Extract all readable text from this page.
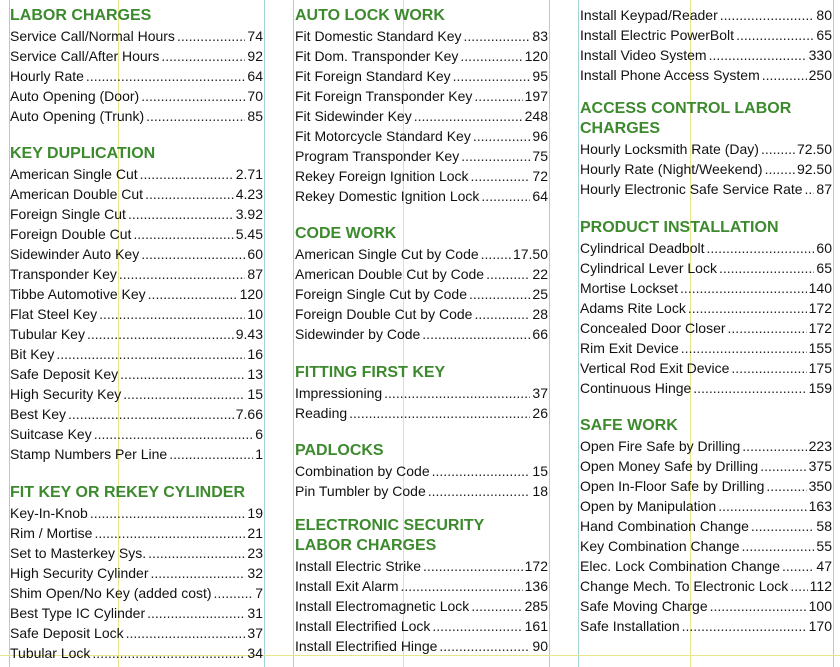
LABOR CHARGES
Service Call/Normal Hours .....	74
Service Call/After Hours .....	92
Hourly Rate .....	64
Auto Opening (Door) .....	70
Auto Opening (Trunk) .....	85
KEY DUPLICATION
American Single Cut .....	2.71
American Double Cut .....	4.23
Foreign Single Cut .....	3.92
Foreign Double Cut .....	5.45
Sidewinder Auto Key .....	60
Transponder Key .....	87
Tibbe Automotive Key .....	120
Flat Steel Key .....	10
Tubular Key .....	9.43
Bit Key .....	16
Safe Deposit Key .....	13
High Security Key .....	15
Best Key .....	7.66
Suitcase Key .....	6
Stamp Numbers Per Line .....	1
FIT KEY OR REKEY CYLINDER
Key-In-Knob .....	19
Rim / Mortise .....	21
Set to Masterkey Sys. .....	23
High Security Cylinder .....	32
Shim Open/No Key (added cost) .....	7
Best Type IC Cylinder .....	31
Safe Deposit Lock .....	37
Tubular Lock .....	34
AUTO LOCK WORK
Fit Domestic Standard Key .....	83
Fit Dom. Transponder Key .....	120
Fit Foreign Standard Key .....	95
Fit Foreign Transponder Key .....	197
Fit Sidewinder Key .....	248
Fit Motorcycle Standard Key .....	96
Program Transponder Key .....	75
Rekey Foreign Ignition Lock .....	72
Rekey Domestic Ignition Lock .....	64
CODE WORK
American Single Cut by Code ..... 17.50
American Double Cut by Code .....	22
Foreign Single Cut by Code .....	25
Foreign Double Cut by Code .....	28
Sidewinder by Code .....	66
FITTING FIRST KEY
Impressioning .....	37
Reading .....	26
PADLOCKS
Combination by Code .....	15
Pin Tumbler by Code .....	18
ELECTRONIC SECURITY
LABOR CHARGES
Install Electric Strike .....	172
Install Exit Alarm .....	136
Install Electromagnetic Lock .....	285
Install Electrified Lock .....	161
Install Electrified Hinge .....	90
Install Keypad/Reader .....	80
Install Electric PowerBolt .....	65
Install Video System .....	330
Install Phone Access System .....	250
ACCESS CONTROL LABOR
CHARGES
Hourly Locksmith Rate (Day) .....	72.50
Hourly Rate (Night/Weekend) ..... 92.50
Hourly Electronic Safe Service Rate ..... 87
PRODUCT INSTALLATION
Cylindrical Deadbolt .....	60
Cylindrical Lever Lock .....	65
Mortise Lockset .....	140
Adams Rite Lock .....	172
Concealed Door Closer .....	172
Rim Exit Device .....	155
Vertical Rod Exit Device .....	175
Continuous Hinge .....	159
SAFE WORK
Open Fire Safe by Drilling .....	223
Open Money Safe by Drilling .....	375
Open In-Floor Safe by Drilling .....	350
Open by Manipulation .....	163
Hand Combination Change .....	58
Key Combination Change .....	55
Elec. Lock Combination Change .....	47
Change Mech. To Electronic Lock ..... 112
Safe Moving Charge .....	100
Safe Installation .....	170
